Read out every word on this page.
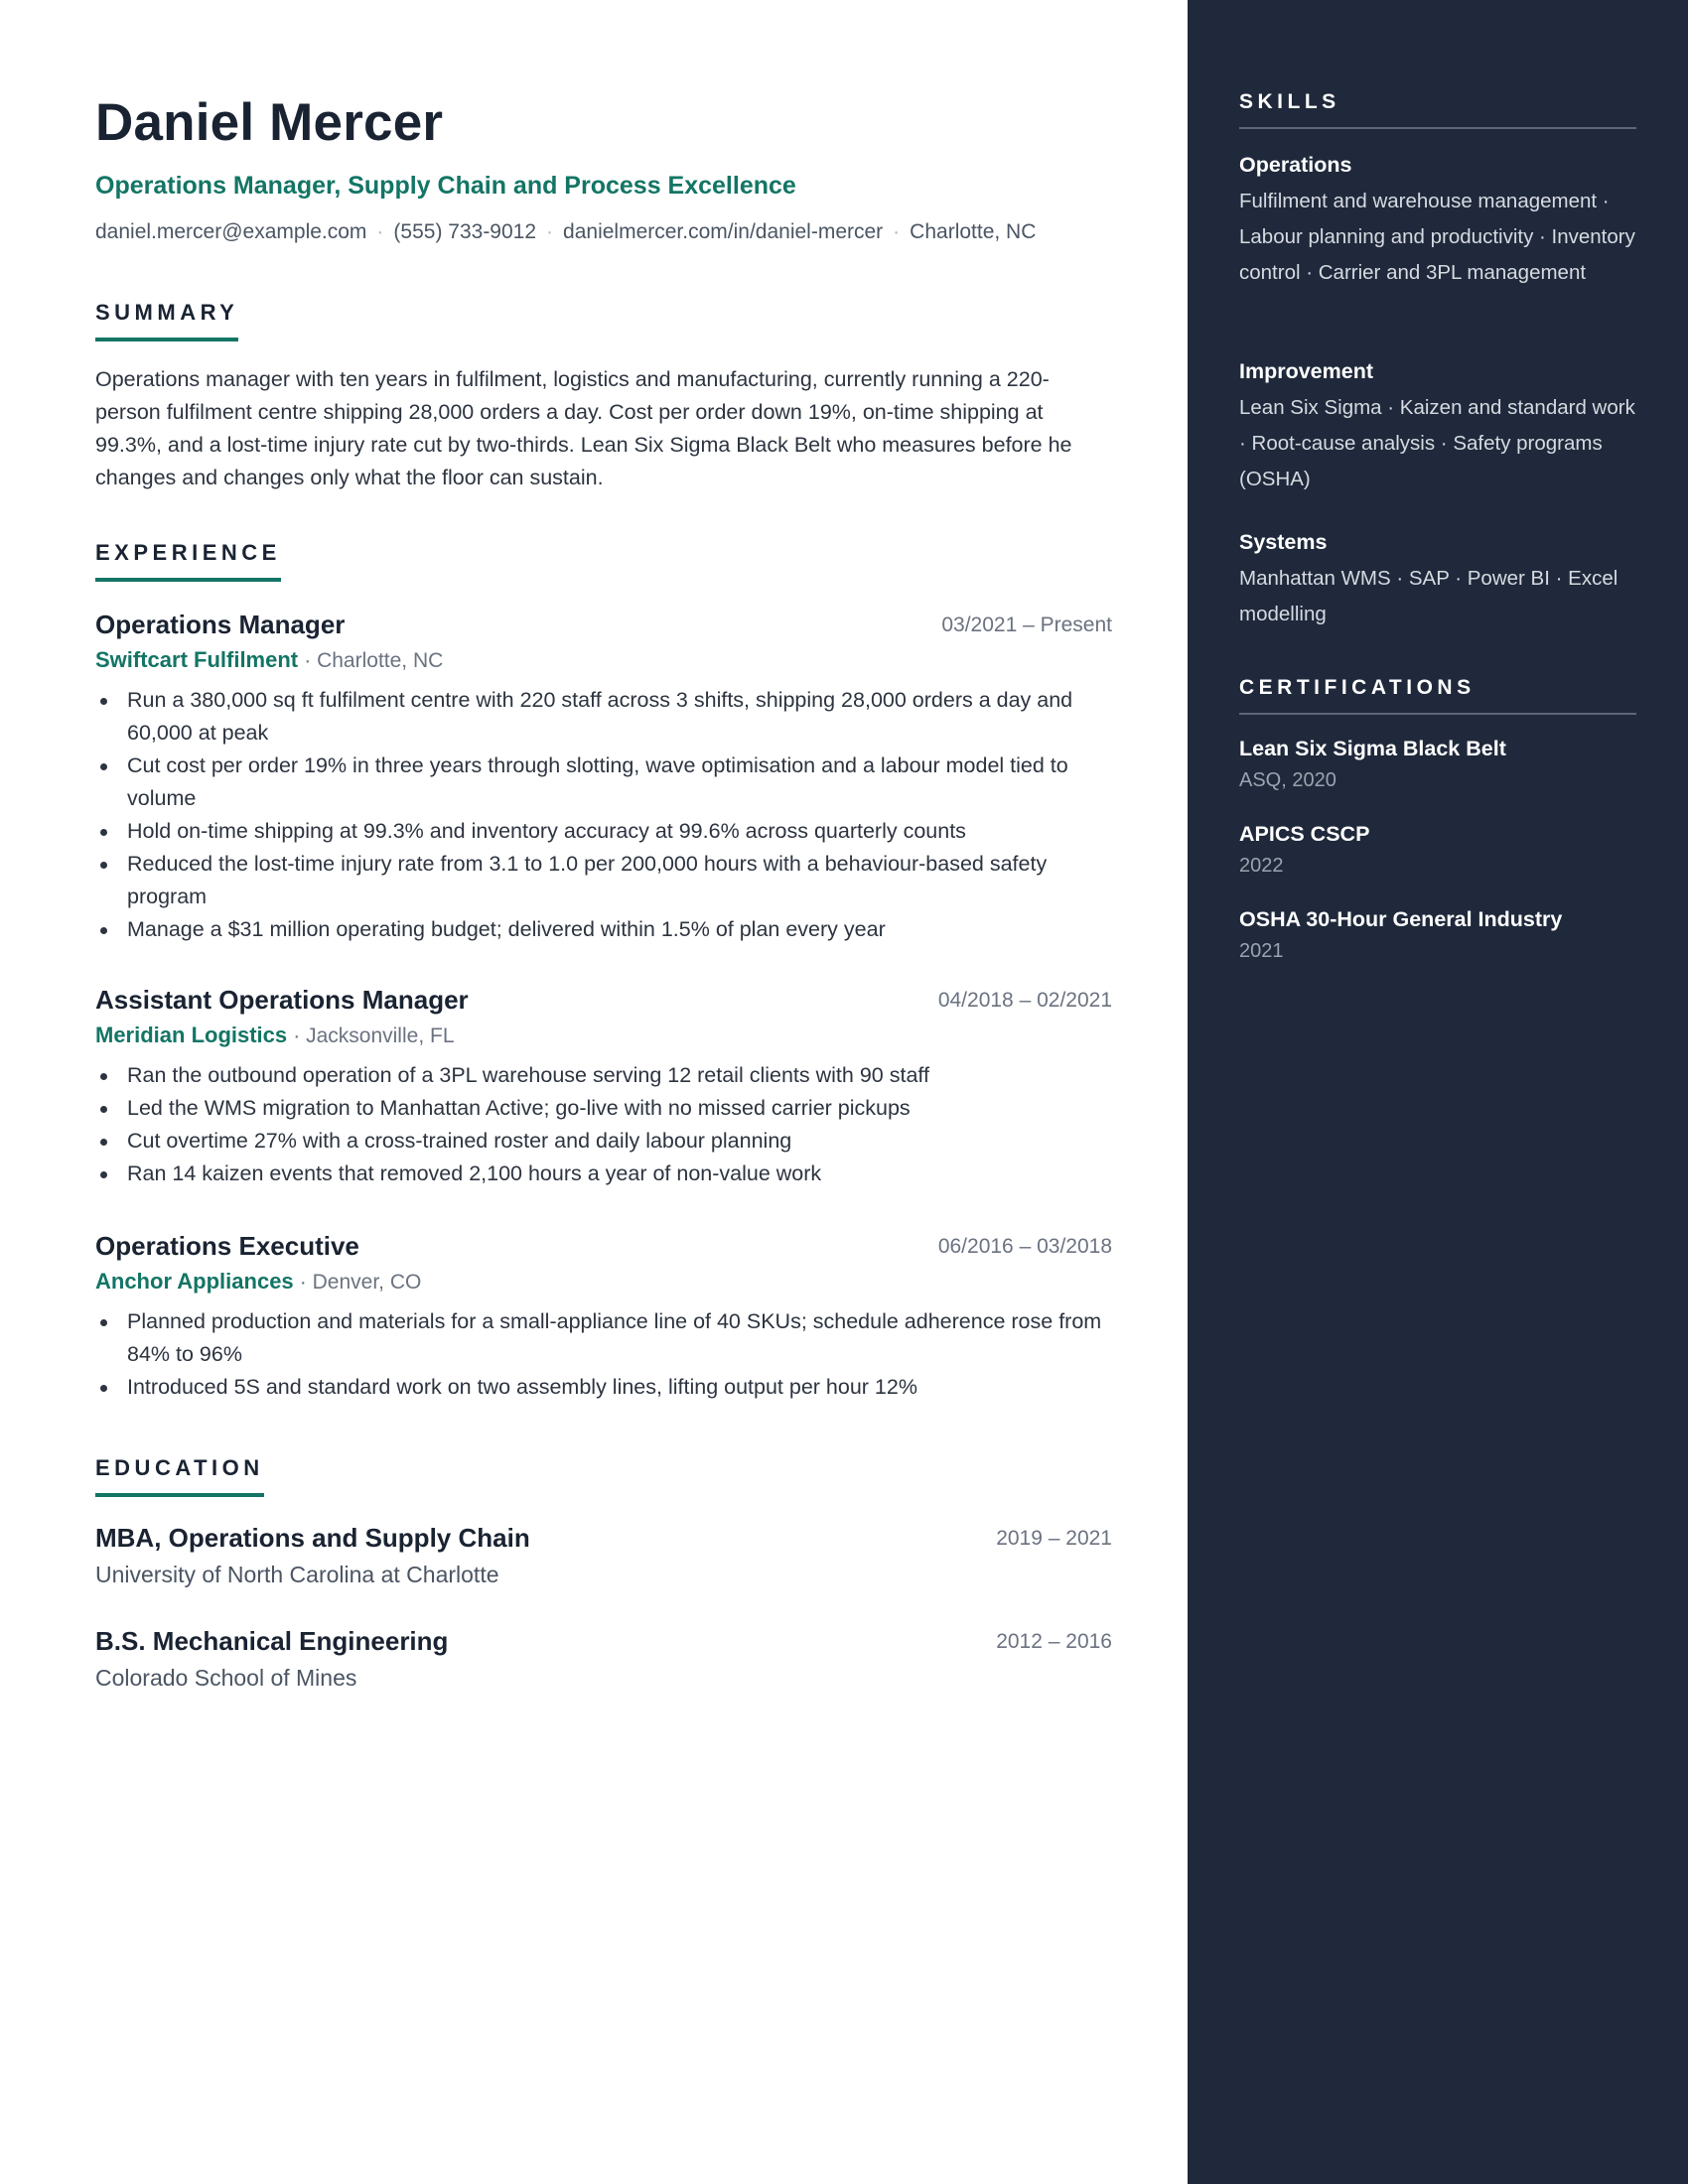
Daniel Mercer
Operations Manager, Supply Chain and Process Excellence
daniel.mercer@example.com · (555) 733-9012 · danielmercer.com/in/daniel-mercer · Charlotte, NC
SUMMARY

Operations manager with ten years in fulfilment, logistics and manufacturing, currently running a 220-person fulfilment centre shipping 28,000 orders a day. Cost per order down 19%, on-time shipping at 99.3%, and a lost-time injury rate cut by two-thirds. Lean Six Sigma Black Belt who measures before he changes and changes only what the floor can sustain.

EXPERIENCE
Operations Manager	03/2021 – Present
Swiftcart Fulfilment · Charlotte, NC
Run a 380,000 sq ft fulfilment centre with 220 staff across 3 shifts, shipping 28,000 orders a day and 60,000 at peak
Cut cost per order 19% in three years through slotting, wave optimisation and a labour model tied to volume
Hold on-time shipping at 99.3% and inventory accuracy at 99.6% across quarterly counts
Reduced the lost-time injury rate from 3.1 to 1.0 per 200,000 hours with a behaviour-based safety program
Manage a $31 million operating budget; delivered within 1.5% of plan every year
Assistant Operations Manager	04/2018 – 02/2021
Meridian Logistics · Jacksonville, FL
Ran the outbound operation of a 3PL warehouse serving 12 retail clients with 90 staff
Led the WMS migration to Manhattan Active; go-live with no missed carrier pickups
Cut overtime 27% with a cross-trained roster and daily labour planning
Ran 14 kaizen events that removed 2,100 hours a year of non-value work
Operations Executive	06/2016 – 03/2018
Anchor Appliances · Denver, CO
Planned production and materials for a small-appliance line of 40 SKUs; schedule adherence rose from 84% to 96%
Introduced 5S and standard work on two assembly lines, lifting output per hour 12%
EDUCATION
MBA, Operations and Supply Chain	2019 – 2021
University of North Carolina at Charlotte
B.S. Mechanical Engineering	2012 – 2016
Colorado School of Mines
SKILLS
Operations
Fulfilment and warehouse management · Labour planning and productivity · Inventory control · Carrier and 3PL management
Improvement
Lean Six Sigma · Kaizen and standard work · Root-cause analysis · Safety programs (OSHA)
Systems
Manhattan WMS · SAP · Power BI · Excel modelling
CERTIFICATIONS
Lean Six Sigma Black Belt
ASQ, 2020
APICS CSCP
2022
OSHA 30-Hour General Industry
2021
